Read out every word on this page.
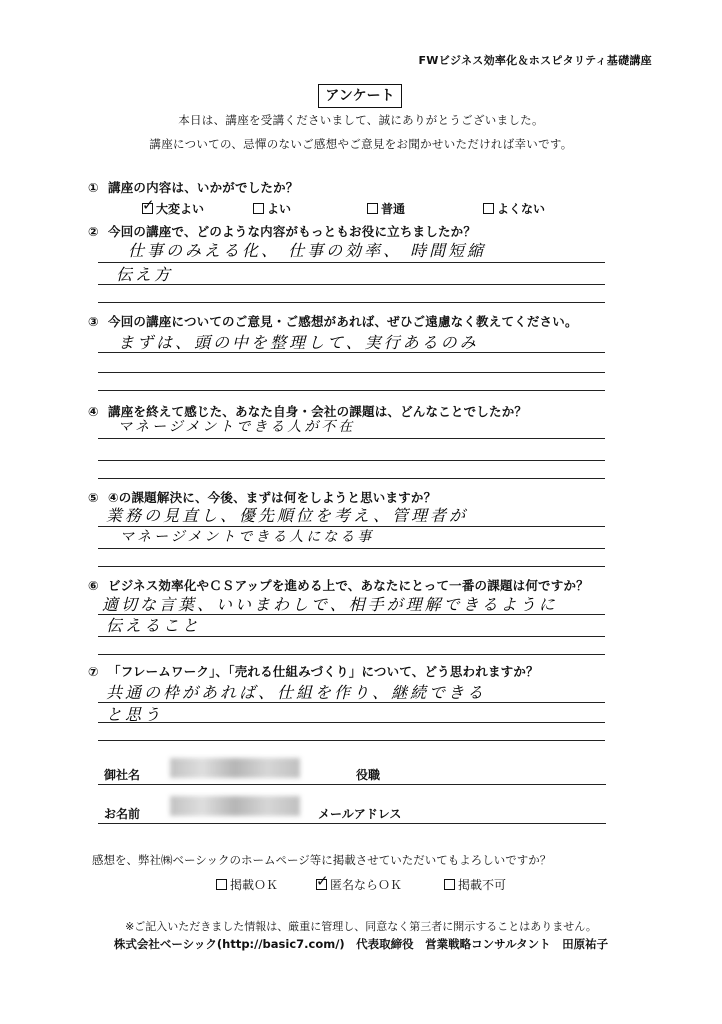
FWビジネス効率化＆ホスピタリティ基礎講座
アンケート
本日は、講座を受講くださいまして、誠にありがとうございました。
講座についての、忌憚のないご感想やご意見をお聞かせいただければ幸いです。
① 講座の内容は、いかがでしたか？
✓大変よい	よい	普通	よくない
② 今回の講座で、どのような内容がもっともお役に立ちましたか？
仕事のみえる化、 仕事の効率、 時間短縮
伝え方
③ 今回の講座についてのご意見・ご感想があれば、ぜひご遠慮なく教えてください。
まずは、頭の中を整理して、実行あるのみ
④ 講座を終えて感じた、あなた自身・会社の課題は、どんなことでしたか？
マネージメントできる人が不在
⑤ ④の課題解決に、今後、まずは何をしようと思いますか？
業務の見直し、優先順位を考え、管理者が
マネージメントできる人になる事
⑥ ビジネス効率化やＣＳアップを進める上で、あなたにとって一番の課題は何ですか？
適切な言葉、いいまわしで、相手が理解できるように
伝えること
⑦ 「フレームワーク」、「売れる仕組みづくり」について、どう思われますか？
共通の枠があれば、仕組を作り、継続できる
と思う
御社名	役職
お名前	メールアドレス
感想を、弊社㈱ベーシックのホームページ等に掲載させていただいてもよろしいですか？
掲載ＯＫ
✓	匿名ならＯＫ	掲載不可
※ご記入いただきました情報は、厳重に管理し、同意なく第三者に開示することはありません。
株式会社ベーシック(http://basic7.com/)　代表取締役　営業戦略コンサルタント　田原祐子
